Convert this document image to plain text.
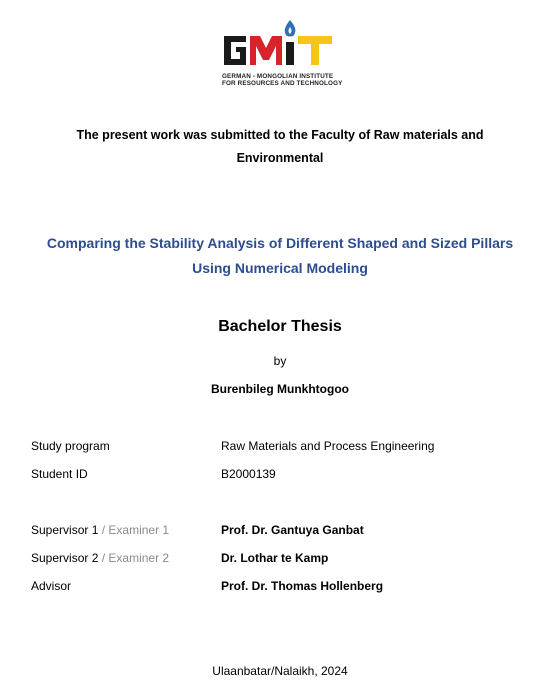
GERMAN - MONGOLIAN INSTITUTE
FOR RESOURCES AND TECHNOLOGY
The present work was submitted to the Faculty of Raw materials and
Environmental
Comparing the Stability Analysis of Different Shaped and Sized Pillars
Using Numerical Modeling
Bachelor Thesis
by
Burenbileg Munkhtogoo
Study program	Raw Materials and Process Engineering
Student ID	B2000139
Supervisor 1 / Examiner 1	Prof. Dr. Gantuya Ganbat
Supervisor 2 / Examiner 2	Dr. Lothar te Kamp
Advisor	Prof. Dr. Thomas Hollenberg
Ulaanbatar/Nalaikh, 2024
